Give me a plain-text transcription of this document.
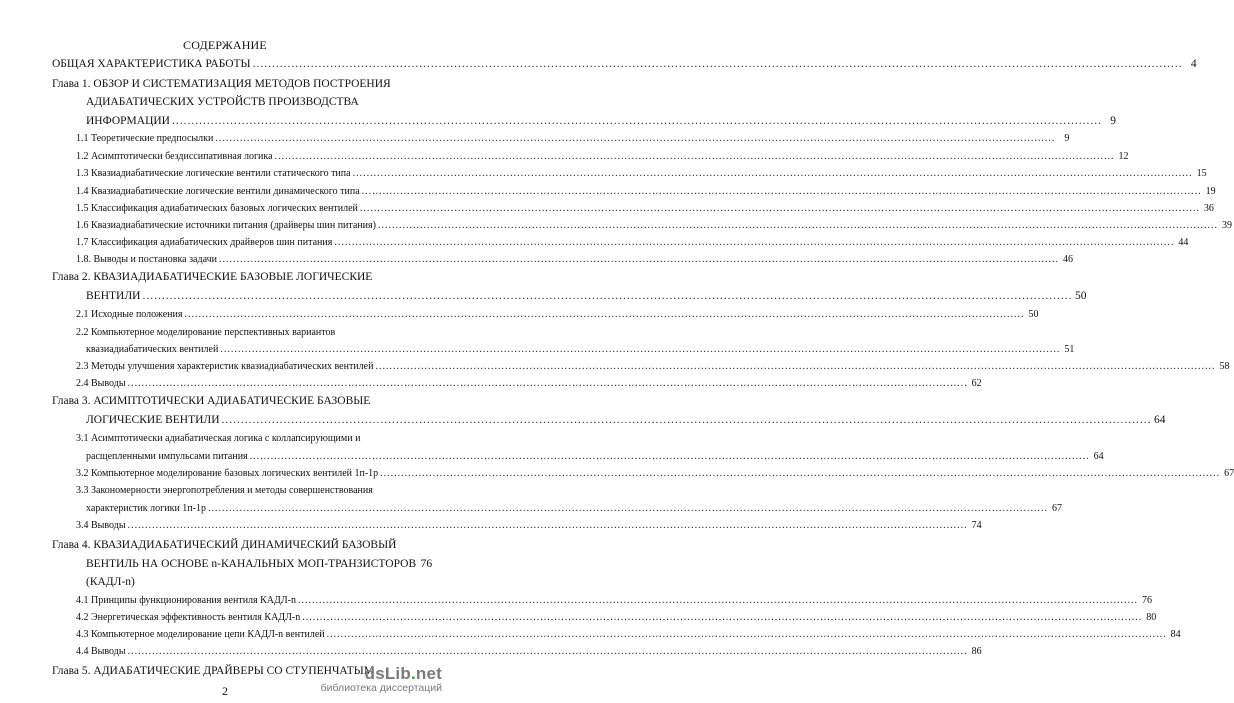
СОДЕРЖАНИЕ
ОБЩАЯ ХАРАКТЕРИСТИКА РАБОТЫ .....	4
Глава 1. ОБЗОР И СИСТЕМАТИЗАЦИЯ МЕТОДОВ ПОСТРОЕНИЯ
АДИАБАТИЧЕСКИХ УСТРОЙСТВ ПРОИЗВОДСТВА
ИНФОРМАЦИИ .....	9
1.1 Теоретические предпосылки .....	9
1.2 Асимптотически бездиссипативная логика .....	12
1.3 Квазиадиабатические логические вентили статического типа .....	15
1.4 Квазиадиабатические логические вентили динамического типа .....	19
1.5 Классификация адиабатических базовых логических вентилей .....	36
1.6 Квазиадиабатические источники питания (драйверы шин питания) .....	39
1.7 Классификация адиабатических драйверов шин питания .....	44
1.8. Выводы и постановка задачи .....	46
Глава 2. КВАЗИАДИАБАТИЧЕСКИЕ БАЗОВЫЕ ЛОГИЧЕСКИЕ
ВЕНТИЛИ .....	50
2.1 Исходные положения .....	50
2.2 Компьютерное моделирование перспективных вариантов
квазиадиабатических вентилей .....	51
2.3 Методы улучшения характеристик квазиадиабатических вентилей .....	58
2.4 Выводы .....	62
Глава 3. АСИМПТОТИЧЕСКИ АДИАБАТИЧЕСКИЕ БАЗОВЫЕ
ЛОГИЧЕСКИЕ ВЕНТИЛИ .....	64
3.1 Асимптотически адиабатическая логика с коллапсирующими и
расщепленными импульсами питания .....	64
3.2 Компьютерное моделирование базовых логических вентилей 1п-1р .....	67
3.3 Закономерности энергопотребления и методы совершенствования
характеристик логики 1п-1р .....	67
3.4 Выводы .....	74
Глава 4. КВАЗИАДИАБАТИЧЕСКИЙ ДИНАМИЧЕСКИЙ БАЗОВЫЙ
ВЕНТИЛЬ НА ОСНОВЕ n-КАНАЛЬНЫХ МОП-ТРАНЗИСТОРОВ 76
(КАДЛ-n)
4.1 Принципы функционирования вентиля КАДЛ-n .....	76
4.2 Энергетическая эффективность вентиля КАДЛ-n .....	80
4.3 Компьютерное моделирование цепи КАДЛ-n вентилей .....	84
4.4 Выводы .....	86
Глава 5. АДИАБАТИЧЕСКИЕ ДРАЙВЕРЫ СО СТУПЕНЧАТЫМ
dsLib.net
библиотека диссертаций
2
